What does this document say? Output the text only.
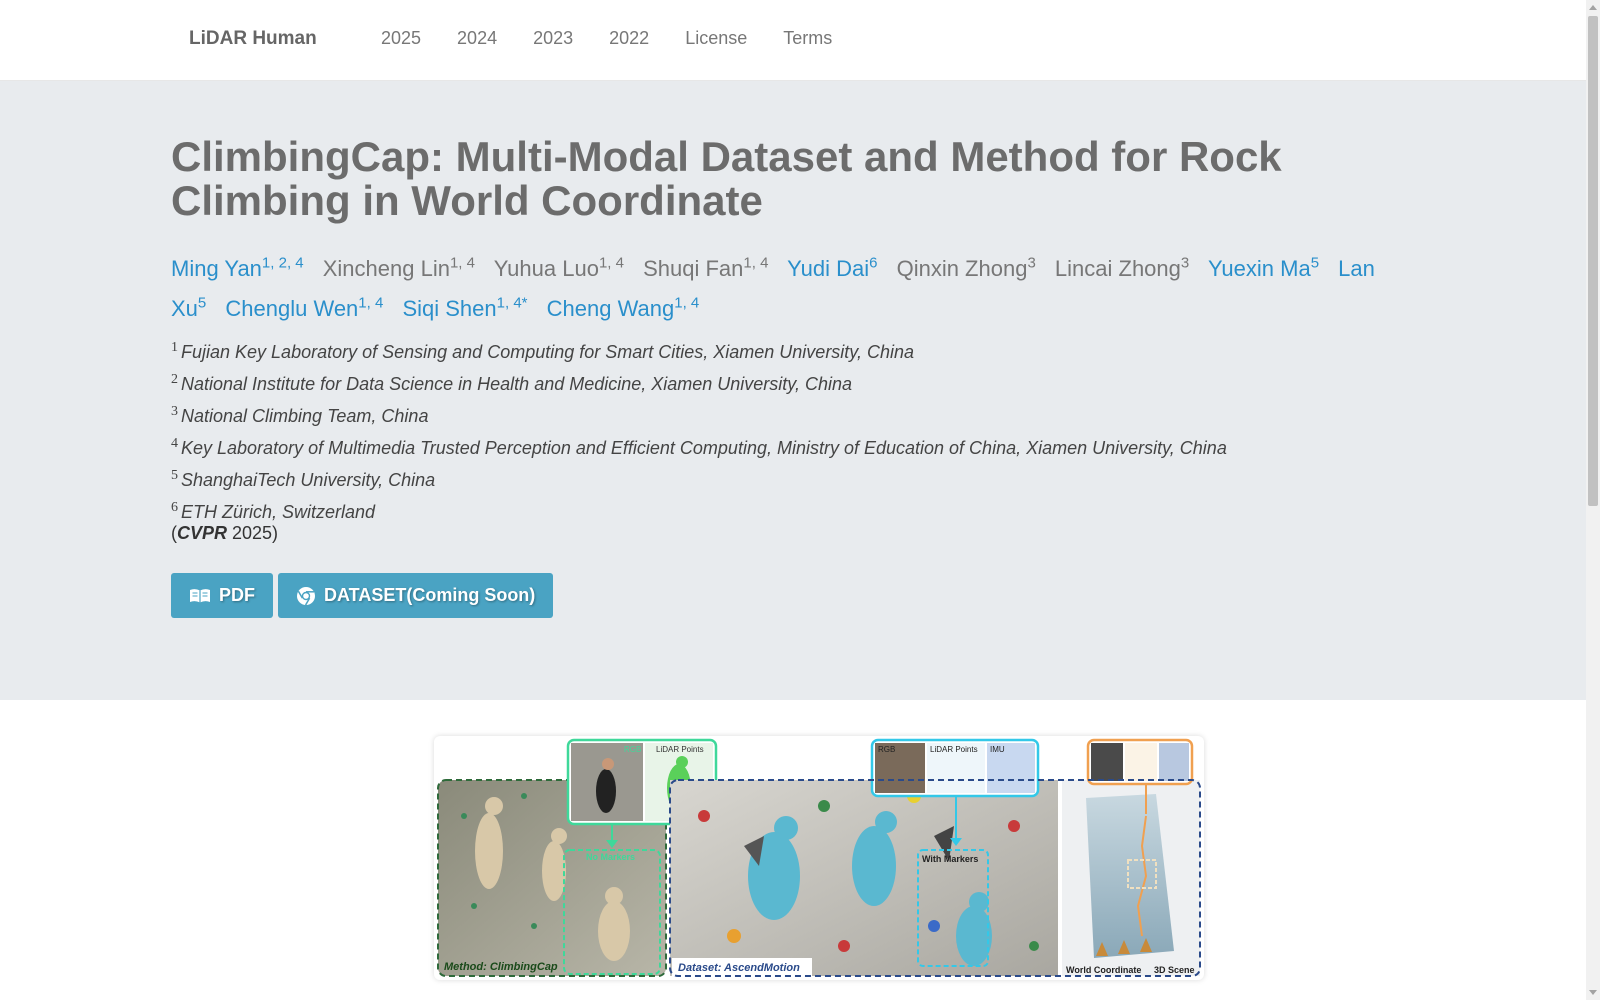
LiDAR Human	2025	2024	2023	2022	License	Terms
ClimbingCap: Multi-Modal Dataset and Method for Rock Climbing in World Coordinate
Ming Yan$^{1, 2, 4}$ Xincheng Lin$^{1, 4}$ Yuhua Luo$^{1, 4}$ Shuqi Fan$^{1, 4}$ Yudi Dai$^6$ Qinxin Zhong$^3$ Lincai Zhong$^3$ Yuexin Ma$^5$ Lan Xu$^5$ Chenglu Wen$^{1, 4}$ Siqi Shen$^{1, 4*}$ Cheng Wang$^{1, 4}$
$^1$ Fujian Key Laboratory of Sensing and Computing for Smart Cities, Xiamen University, China
$^2$ National Institute for Data Science in Health and Medicine, Xiamen University, China
$^3$ National Climbing Team, China
$^4$ Key Laboratory of Multimedia Trusted Perception and Efficient Computing, Ministry of Education of China, Xiamen University, China
$^5$ ShanghaiTech University, China
$^6$ ETH Zürich, Switzerland
(CVPR 2025)
PDF	DATASET(Coming Soon)
No Markers
Method: ClimbingCap
RGB LiDAR Points
With Markers
Dataset: AscendMotion
RGB	LiDAR Points IMU
World Coordinate 3D Scene
